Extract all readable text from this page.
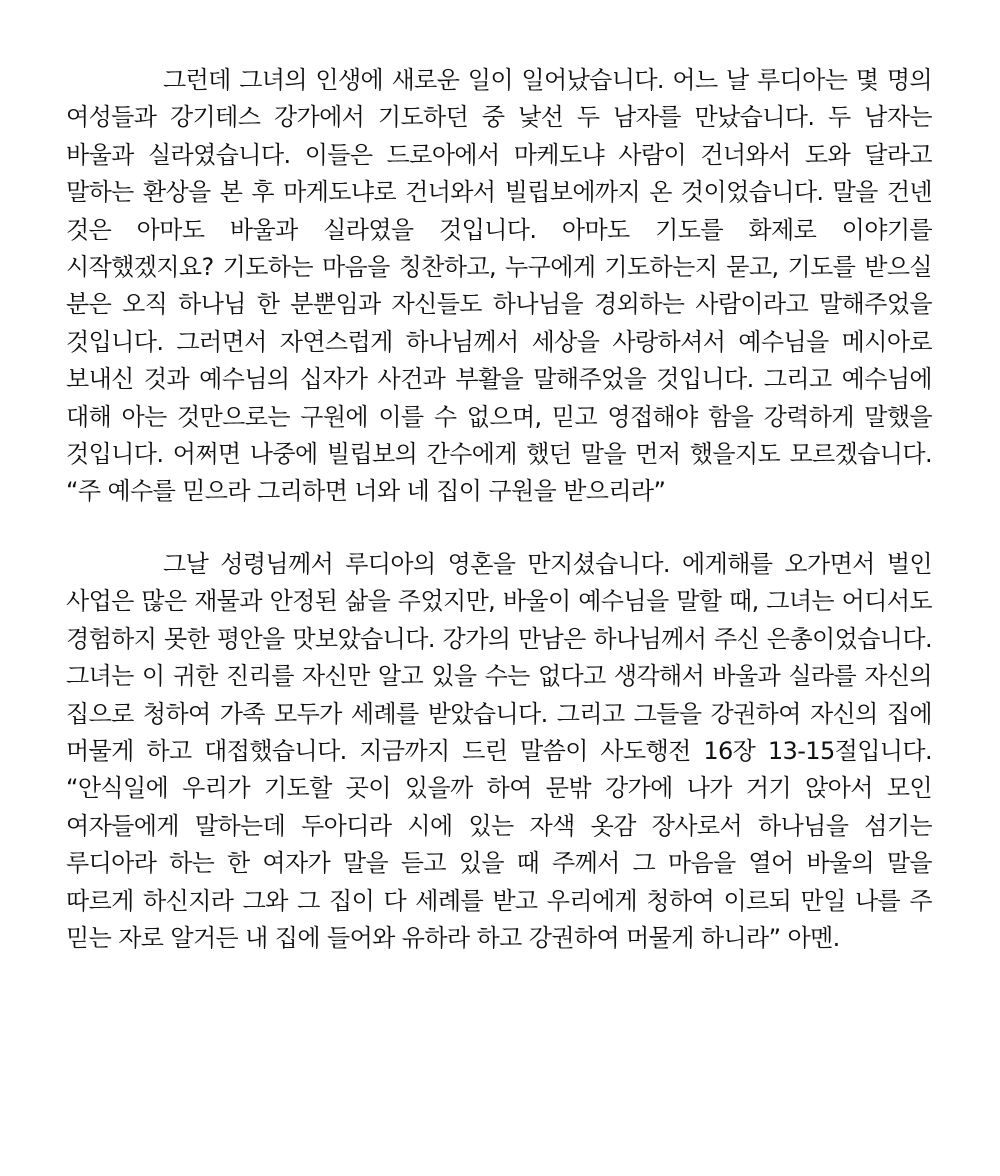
그런데 그녀의 인생에 새로운 일이 일어났습니다. 어느 날 루디아는 몇 명의 여성들과 강기테스 강가에서 기도하던 중 낯선 두 남자를 만났습니다. 두 남자는 바울과 실라였습니다. 이들은 드로아에서 마케도냐 사람이 건너와서 도와 달라고 말하는 환상을 본 후 마게도냐로 건너와서 빌립보에까지 온 것이었습니다. 말을 건넨 것은 아마도 바울과 실라였을 것입니다. 아마도 기도를 화제로 이야기를 시작했겠지요? 기도하는 마음을 칭찬하고, 누구에게 기도하는지 묻고, 기도를 받으실 분은 오직 하나님 한 분뿐임과 자신들도 하나님을 경외하는 사람이라고 말해주었을 것입니다. 그러면서 자연스럽게 하나님께서 세상을 사랑하셔서 예수님을 메시아로 보내신 것과 예수님의 십자가 사건과 부활을 말해주었을 것입니다. 그리고 예수님에 대해 아는 것만으로는 구원에 이를 수 없으며, 믿고 영접해야 함을 강력하게 말했을 것입니다. 어쩌면 나중에 빌립보의 간수에게 했던 말을 먼저 했을지도 모르겠습니다. “주 예수를 믿으라 그리하면 너와 네 집이 구원을 받으리라”

그날 성령님께서 루디아의 영혼을 만지셨습니다. 에게해를 오가면서 벌인 사업은 많은 재물과 안정된 삶을 주었지만, 바울이 예수님을 말할 때, 그녀는 어디서도 경험하지 못한 평안을 맛보았습니다. 강가의 만남은 하나님께서 주신 은총이었습니다. 그녀는 이 귀한 진리를 자신만 알고 있을 수는 없다고 생각해서 바울과 실라를 자신의 집으로 청하여 가족 모두가 세례를 받았습니다. 그리고 그들을 강권하여 자신의 집에 머물게 하고 대접했습니다. 지금까지 드린 말씀이 사도행전 16장 13-15절입니다. “안식일에 우리가 기도할 곳이 있을까 하여 문밖 강가에 나가 거기 앉아서 모인 여자들에게 말하는데 두아디라 시에 있는 자색 옷감 장사로서 하나님을 섬기는 루디아라 하는 한 여자가 말을 듣고 있을 때 주께서 그 마음을 열어 바울의 말을 따르게 하신지라 그와 그 집이 다 세례를 받고 우리에게 청하여 이르되 만일 나를 주 믿는 자로 알거든 내 집에 들어와 유하라 하고 강권하여 머물게 하니라” 아멘.
